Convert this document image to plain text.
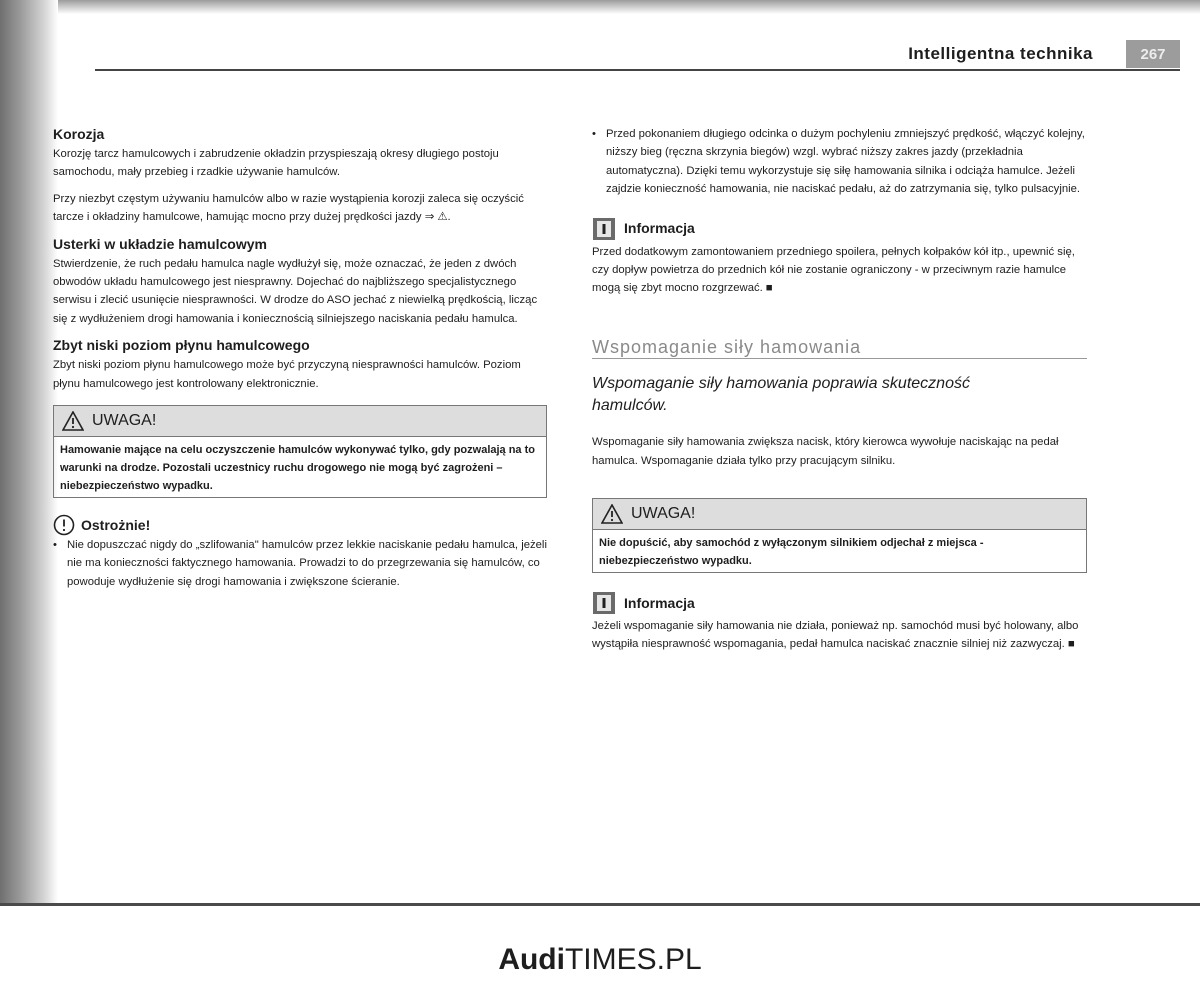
Intelligentna technika	267
Korozja
Korozję tarcz hamulcowych i zabrudzenie okładzin przyspieszają okresy długiego postoju samochodu, mały przebieg i rzadkie używanie hamulców.
Przy niezbyt częstym używaniu hamulców albo w razie wystąpienia korozji zaleca się oczyścić tarcze i okładziny hamulcowe, hamując mocno przy dużej prędkości jazdy ⇒ ⚠.
Usterki w układzie hamulcowym
Stwierdzenie, że ruch pedału hamulca nagle wydłużył się, może oznaczać, że jeden z dwóch obwodów układu hamulcowego jest niesprawny. Dojechać do najbliższego specjalistycznego serwisu i zlecić usunięcie niesprawności. W drodze do ASO jechać z niewielką prędkością, licząc się z wydłużeniem drogi hamowania i koniecznością silniejszego naciskania pedału hamulca.
Zbyt niski poziom płynu hamulcowego
Zbyt niski poziom płynu hamulcowego może być przyczyną niesprawności hamulców. Poziom płynu hamulcowego jest kontrolowany elektronicznie.
UWAGA!
Hamowanie mające na celu oczyszczenie hamulców wykonywać tylko, gdy pozwalają na to warunki na drodze. Pozostali uczestnicy ruchu drogowego nie mogą być zagrożeni – niebezpieczeństwo wypadku.
Ostrożnie!
• Nie dopuszczać nigdy do „szlifowania" hamulców przez lekkie naciskanie pedału hamulca, jeżeli nie ma konieczności faktycznego hamowania. Prowadzi to do przegrzewania się hamulców, co powoduje wydłużenie się drogi hamowania i zwiększone ścieranie.
• Przed pokonaniem długiego odcinka o dużym pochyleniu zmniejszyć prędkość, włączyć kolejny, niższy bieg (ręczna skrzynia biegów) wzgl. wybrać niższy zakres jazdy (przekładnia automatyczna). Dzięki temu wykorzystuje się siłę hamowania silnika i odciąża hamulce. Jeżeli zajdzie konieczność hamowania, nie naciskać pedału, aż do zatrzymania się, tylko pulsacyjnie.
Informacja
Przed dodatkowym zamontowaniem przedniego spoilera, pełnych kołpaków kół itp., upewnić się, czy dopływ powietrza do przednich kół nie zostanie ograniczony - w przeciwnym razie hamulce mogą się zbyt mocno rozgrzewać. ■
Wspomaganie siły hamowania
Wspomaganie siły hamowania poprawia skuteczność hamulców.
Wspomaganie siły hamowania zwiększa nacisk, który kierowca wywołuje naciskając na pedał hamulca. Wspomaganie działa tylko przy pracującym silniku.
UWAGA!
Nie dopuścić, aby samochód z wyłączonym silnikiem odjechał z miejsca - niebezpieczeństwo wypadku.
Informacja
Jeżeli wspomaganie siły hamowania nie działa, ponieważ np. samochód musi być holowany, albo wystąpiła niesprawność wspomagania, pedał hamulca naciskać znacznie silniej niż zazwyczaj. ■
AudiTIMES.PL
